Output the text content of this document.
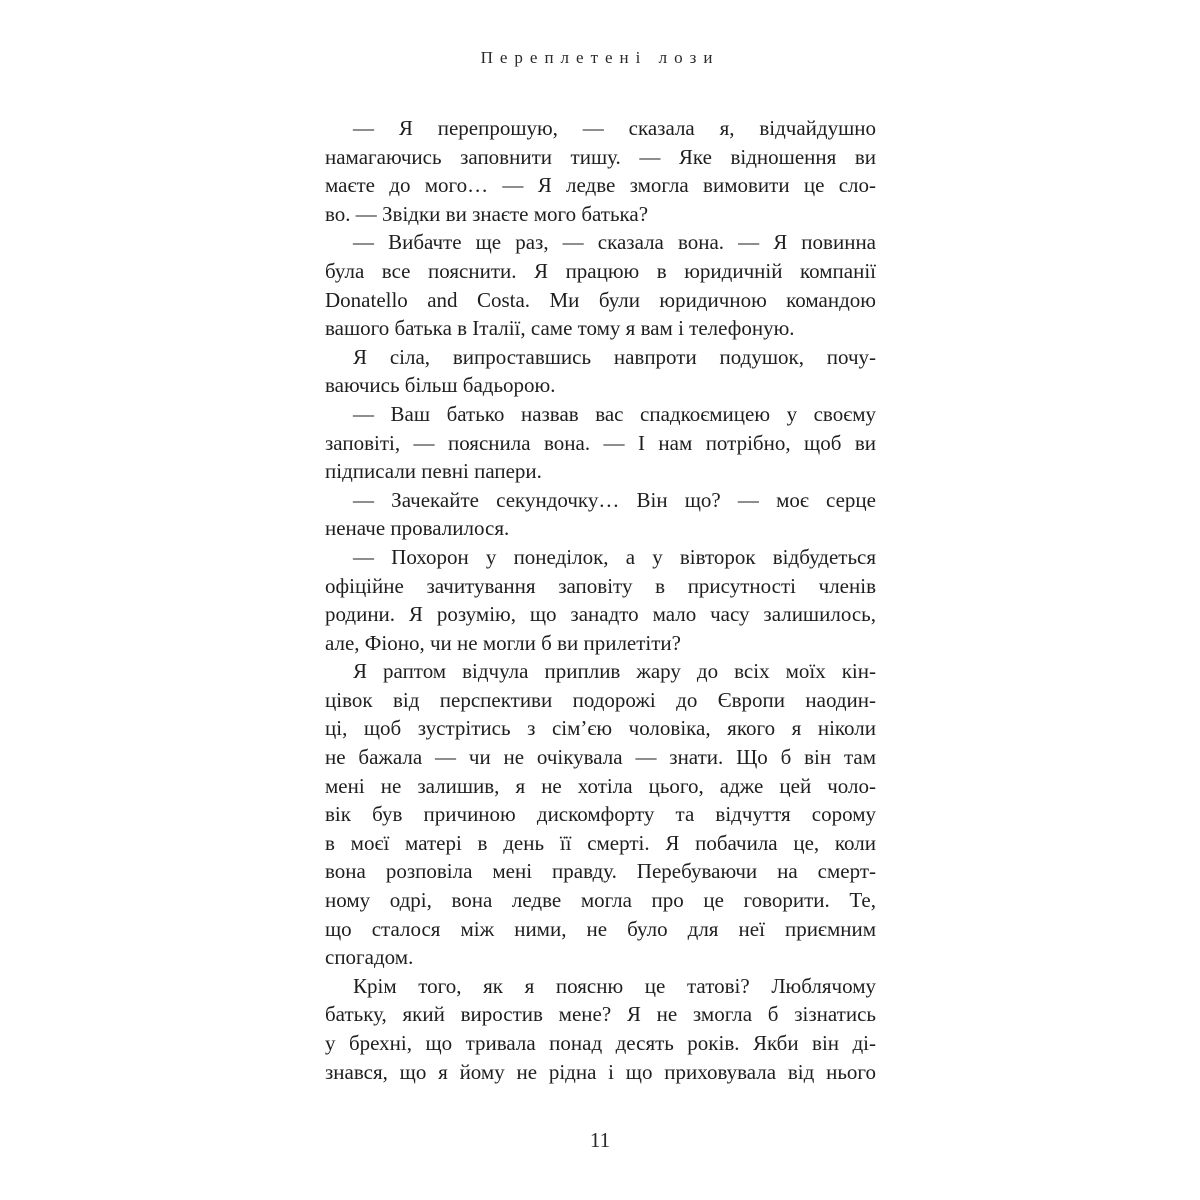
Переплетені лози
— Я перепрошую, — сказала я, відчайдушно
намагаючись заповнити тишу. — Яке відношення ви
маєте до мого… — Я ледве змогла вимовити це сло-
во. — Звідки ви знаєте мого батька?
— Вибачте ще раз, — сказала вона. — Я повинна
була все пояснити. Я працюю в юридичній компанії
Donatello and Costa. Ми були юридичною командою
вашого батька в Італії, саме тому я вам і телефоную.
Я сіла, випроставшись навпроти подушок, почу-
ваючись більш бадьорою.
— Ваш батько назвав вас спадкоємицею у своєму
заповіті, — пояснила вона. — І нам потрібно, щоб ви
підписали певні папери.
— Зачекайте секундочку… Він що? — моє серце
неначе провалилося.
— Похорон у понеділок, а у вівторок відбудеться
офіційне зачитування заповіту в присутності членів
родини. Я розумію, що занадто мало часу залишилось,
але, Фіоно, чи не могли б ви прилетіти?
Я раптом відчула приплив жару до всіх моїх кін-
цівок від перспективи подорожі до Європи наодин-
ці, щоб зустрітись з сім’єю чоловіка, якого я ніколи
не бажала — чи не очікувала — знати. Що б він там
мені не залишив, я не хотіла цього, адже цей чоло-
вік був причиною дискомфорту та відчуття сорому
в моєї матері в день її смерті. Я побачила це, коли
вона розповіла мені правду. Перебуваючи на смерт-
ному одрі, вона ледве могла про це говорити. Те,
що сталося між ними, не було для неї приємним
спогадом.
Крім того, як я поясню це татові? Люблячому
батьку, який виростив мене? Я не змогла б зізнатись
у брехні, що тривала понад десять років. Якби він ді-
знався, що я йому не рідна і що приховувала від нього
11
